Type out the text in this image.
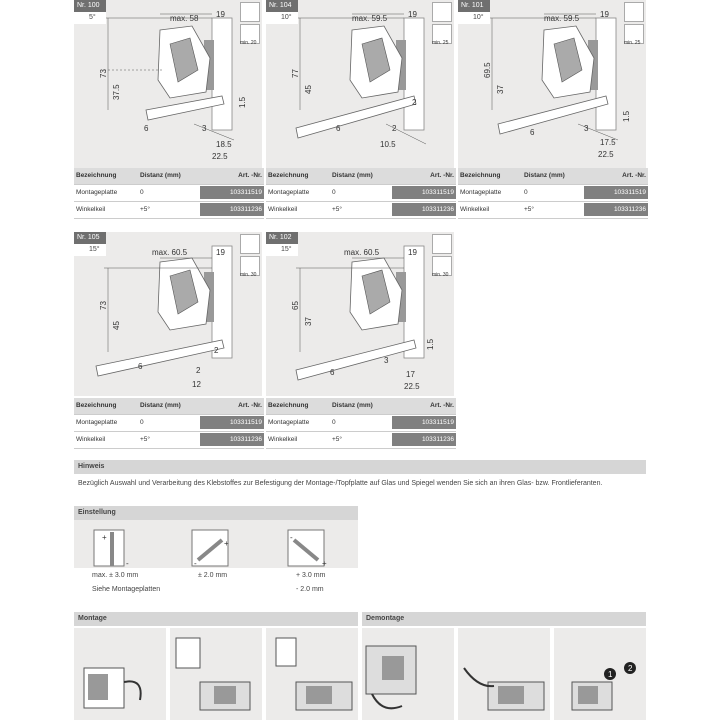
Nr. 100
5°	max. 58 19
73
37.5
1.5
3
6
18.5
22.5
min. 20
Nr. 104
10°	max. 59.5	19
77
45
2
2
6
10.5
min. 25
Nr. 101
10°	max. 59.5	19
69.5
37
1.5
3
6
17.5
22.5
min. 25
Nr. 105
15°	max. 60.5	19
73
45
2
2
6
12
min. 30
Nr. 102
15°	max. 60.5	19
65
37
1.5
3
6	17
22.5
min. 30
Bezeichnung	Distanz (mm)	Art. -Nr.
Montageplatte	0	103311519
Winkelkeil	+5°	103311236
Bezeichnung	Distanz (mm)	Art. -Nr.
Montageplatte	0	103311519
Winkelkeil	+5°	103311236
Bezeichnung	Distanz (mm)	Art. -Nr.
Montageplatte	0	103311519
Winkelkeil	+5°	103311236
Bezeichnung	Distanz (mm)	Art. -Nr.
Montageplatte	0	103311519
Winkelkeil	+5°	103311236
Bezeichnung	Distanz (mm)	Art. -Nr.
Montageplatte	0	103311519
Winkelkeil	+5°	103311236
Hinweis
Bezüglich Auswahl und Verarbeitung des Klebstoffes zur Befestigung der Montage-/Topfplatte auf Glas und Spiegel wenden Sie sich an ihren Glas- bzw. Frontlieferanten.
Einstellung
+
-
+
-
-
+
max. ± 3.0 mm	± 2.0 mm	+ 3.0 mm
Siehe Montageplatten	- 2.0 mm
Montage	Demontage
1
2
